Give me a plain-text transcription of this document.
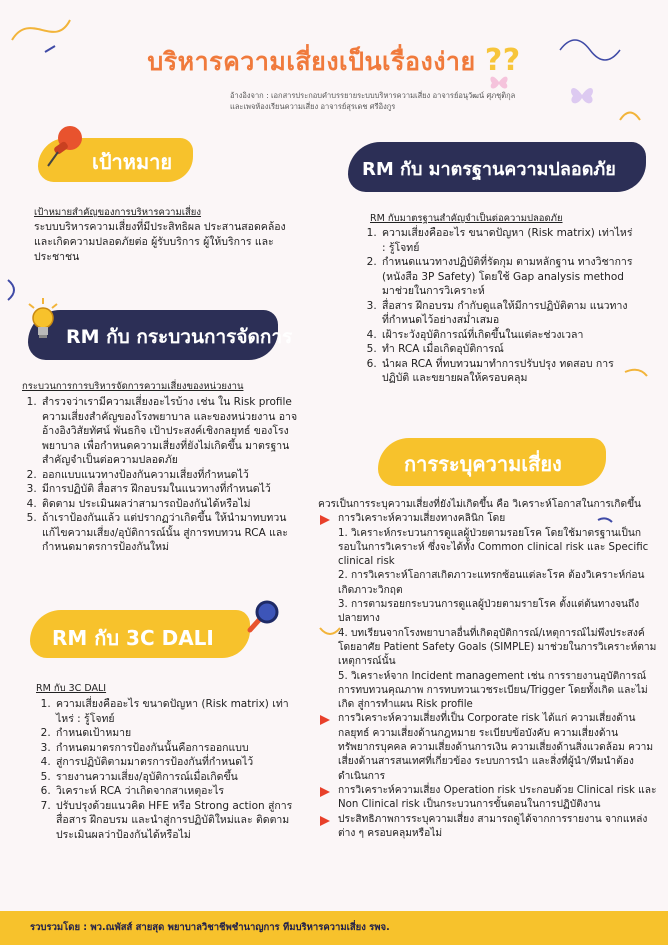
บริหารความเสี่ยงเป็นเรื่องง่าย ??
อ้างอิงจาก : เอกสารประกอบคำบรรยายระบบบริหารความเสี่ยง อาจารย์อนุวัฒน์ ศุภชุติกุล
และเพจห้องเรียนความเสี่ยง อาจารย์สุรเดช ศรีอิงกูร
เป้าหมาย
เป้าหมายสำคัญของการบริหารความเสี่ยง
ระบบบริหารความเสี่ยงที่มีประสิทธิผล ประสานสอดคล้อง และเกิดความปลอดภัยต่อ ผู้รับบริการ ผู้ให้บริการ และประชาชน
RM กับ กระบวนการจัดการ
กระบวนการการบริหารจัดการความเสี่ยงของหน่วยงาน
1. สำรวจว่าเรามีความเสี่ยงอะไรบ้าง เช่น ใน Risk profile ความเสี่ยงสำคัญของโรงพยาบาล และของหน่วยงาน อาจอ้างอิงวิสัยทัศน์ พันธกิจ เป้าประสงค์เชิงกลยุทธ์ ของโรงพยาบาล เพื่อกำหนดความเสี่ยงที่ยังไม่เกิดขึ้น มาตรฐานสำคัญจำเป็นต่อความปลอดภัย
2. ออกแบบแนวทางป้องกันความเสี่ยงที่กำหนดไว้
3. มีการปฏิบัติ สื่อสาร ฝึกอบรมในแนวทางที่กำหนดไว้
4. ติดตาม ประเมินผลว่าสามารถป้องกันได้หรือไม่
5. ถ้าเราป้องกันแล้ว แต่ปรากฏว่าเกิดขึ้น ให้นำมาทบทวน แก้ไขความเสี่ยง/อุบัติการณ์นั้น สู่การทบทวน RCA และ กำหนดมาตรการป้องกันใหม่
RM กับ 3C DALI
RM กับ 3C DALI
1. ความเสี่ยงคืออะไร ขนาดปัญหา (Risk matrix) เท่าไหร่ : รู้โจทย์
2. กำหนดเป้าหมาย
3. กำหนดมาตรการป้องกันนั้นคือการออกแบบ
4. สู่การปฏิบัติตามมาตรการป้องกันที่กำหนดไว้
5. รายงานความเสี่ยง/อุบัติการณ์เมื่อเกิดขึ้น
6. วิเคราะห์ RCA ว่าเกิดจากสาเหตุอะไร
7. ปรับปรุงด้วยแนวคิด HFE หรือ Strong action สู่การสื่อสาร ฝึกอบรม และนำสู่การปฏิบัติใหม่และ ติดตามประเมินผลว่าป้องกันได้หรือไม่
RM กับ มาตรฐานความปลอดภัย
RM กับมาตรฐานสำคัญจำเป็นต่อความปลอดภัย
1. ความเสี่ยงคืออะไร ขนาดปัญหา (Risk matrix) เท่าไหร่ : รู้โจทย์
2. กำหนดแนวทางปฏิบัติที่รัดกุม ตามหลักฐาน ทางวิชาการ (หนังสือ 3P Safety) โดยใช้ Gap analysis method มาช่วยในการวิเคราะห์
3. สื่อสาร ฝึกอบรม กำกับดูแลให้มีการปฏิบัติตาม แนวทางที่กำหนดไว้อย่างสม่ำเสมอ
4. เฝ้าระวังอุบัติการณ์ที่เกิดขึ้นในแต่ละช่วงเวลา
5. ทำ RCA เมื่อเกิดอุบัติการณ์
6. นำผล RCA ที่ทบทวนมาทำการปรับปรุง ทดสอบ การปฏิบัติ และขยายผลให้ครอบคลุม
การระบุความเสี่ยง
ควรเป็นการระบุความเสี่ยงที่ยังไม่เกิดขึ้น คือ วิเคราะห์โอกาสในการเกิดขึ้น
การวิเคราะห์ความเสี่ยงทางคลินิก โดย
1. วิเคราะห์กระบวนการดูแลผู้ป่วยตามรอยโรค โดยใช้มาตรฐานเป็นกรอบในการวิเคราะห์ ซึ่งจะได้ทั้ง Common clinical risk และ Specific clinical risk
2. การวิเคราะห์โอกาสเกิดภาวะแทรกซ้อนแต่ละโรค ต้องวิเคราะห์ก่อนเกิดภาวะวิกฤต
3. การตามรอยกระบวนการดูแลผู้ป่วยตามรายโรค ตั้งแต่ต้นทางจนถึงปลายทาง
4. บทเรียนจากโรงพยาบาลอื่นที่เกิดอุบัติการณ์/เหตุการณ์ไม่พึงประสงค์ โดยอาศัย Patient Safety Goals (SIMPLE) มาช่วยในการวิเคราะห์ตามเหตุการณ์นั้น
5. วิเคราะห์จาก Incident management เช่น การรายงานอุบัติการณ์ การทบทวนคุณภาพ การทบทวนเวชระเบียน/Trigger โดยทั้งเกิด และไม่เกิด สู่การทำแผน Risk profile
การวิเคราะห์ความเสี่ยงที่เป็น Corporate risk ได้แก่ ความเสี่ยงด้านกลยุทธ์ ความเสี่ยงด้านกฎหมาย ระเบียบข้อบังคับ ความเสี่ยงด้านทรัพยากรบุคคล ความเสี่ยงด้านการเงิน ความเสี่ยงด้านสิ่งแวดล้อม ความเสี่ยงด้านสารสนเทศที่เกี่ยวข้อง ระบบการนำ และสิ่งที่ผู้นำ/ทีมนำต้องดำเนินการ
การวิเคราะห์ความเสี่ยง Operation risk ประกอบด้วย Clinical risk และ Non Clinical risk เป็นกระบวนการขั้นตอนในการปฏิบัติงาน
ประสิทธิภาพการระบุความเสี่ยง สามารถดูได้จากการรายงาน จากแหล่งต่าง ๆ ครอบคลุมหรือไม่
รวบรวมโดย : พว.ณพัสส์ สายสุด พยาบาลวิชาชีพชำนาญการ ทีมบริหารความเสี่ยง รพจ.
